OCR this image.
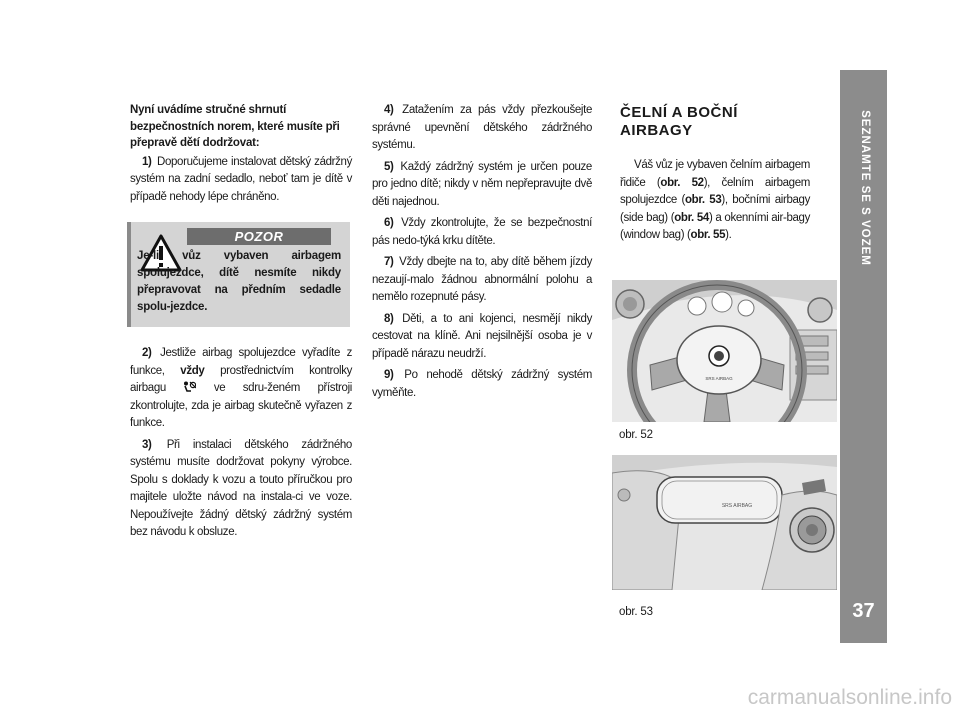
Nyní uvádíme stručné shrnutí bezpečnostních norem, které musíte při přepravě dětí dodržovat:

1) Doporučujeme instalovat dětský zádržný systém na zadní sedadlo, neboť tam je dítě v případě nehody lépe chráněno.

POZOR
Je-li vůz vybaven airbagem spolujezdce, dítě nesmíte nikdy přepravovat na předním sedadle spolu-jezdce.

2) Jestliže airbag spolujezdce vyřadíte z funkce, vždy prostřednictvím kontrolky airbagu	ve sdru-ženém přístroji zkontrolujte, zda je airbag skutečně vyřazen z funkce.

3) Při instalaci dětského zádržného systému musíte dodržovat pokyny výrobce. Spolu s doklady k vozu a touto příručkou pro majitele uložte návod na instala-ci ve voze. Nepoužívejte žádný dětský zádržný systém bez návodu k obsluze.

4) Zatažením za pás vždy přezkoušejte správné upevnění dětského zádržného systému.

5) Každý zádržný systém je určen pouze pro jedno dítě; nikdy v něm nepřepravujte dvě děti najednou.

6) Vždy zkontrolujte, že se bezpečnostní pás nedo-týká krku dítěte.

7) Vždy dbejte na to, aby dítě během jízdy nezaují-malo žádnou abnormální polohu a nemělo rozepnuté pásy.

8) Děti, a to ani kojenci, nesmějí nikdy cestovat na klíně. Ani nejsilnější osoba je v případě nárazu neudrží.

9) Po nehodě dětský zádržný systém vyměňte.

ČELNÍ A BOČNÍ AIRBAGY

Váš vůz je vybaven čelním airbagem řidiče (obr. 52), čelním airbagem spolujezdce (obr. 53), bočními airbagy (side bag) (obr. 54) a okenními air-bagy (window bag) (obr. 55).

SRS AIRBAG
obr. 52
SRS AIRBAG
obr. 53
SEZNAMTE SE S VOZEM
37
carmanualsonline.info
